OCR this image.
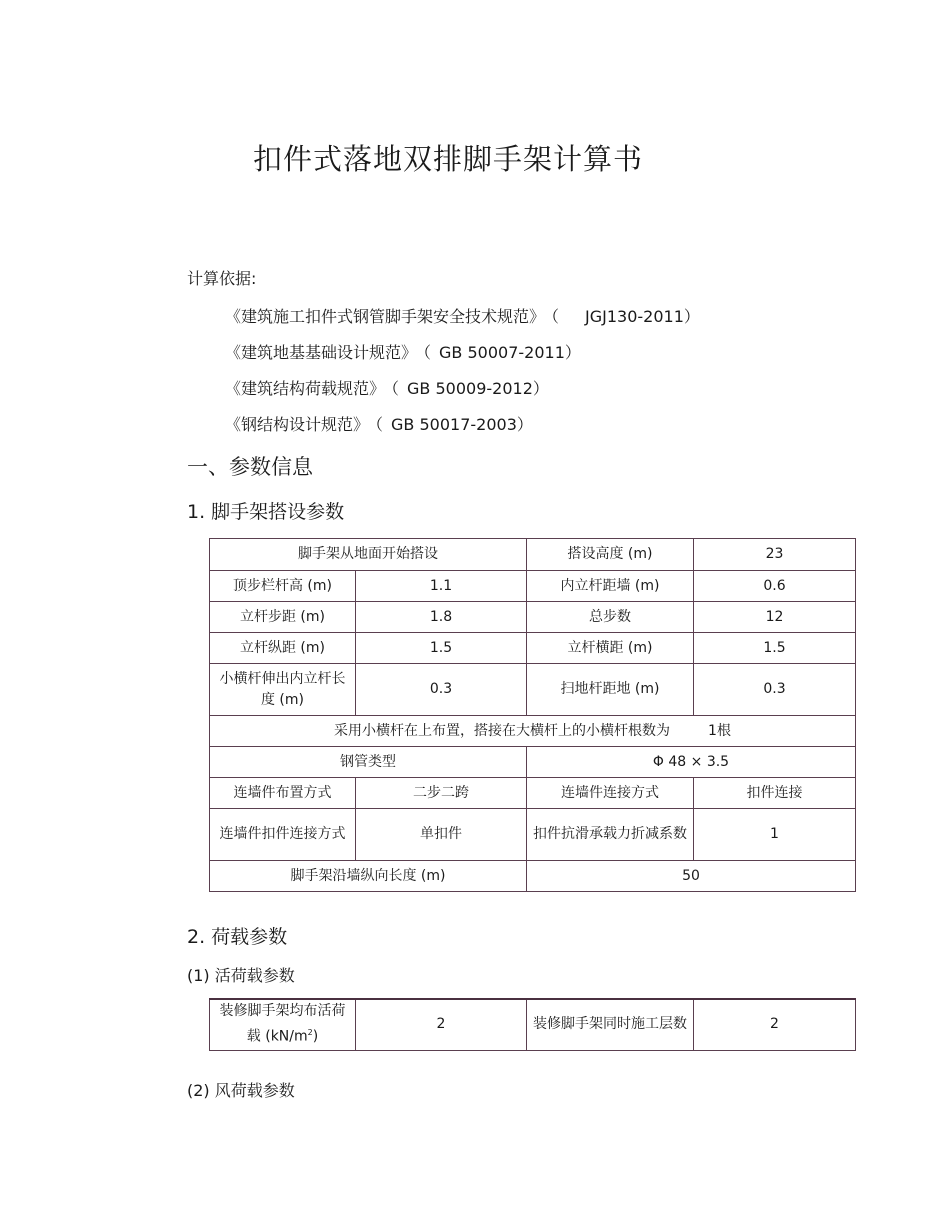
扣件式落地双排脚手架计算书
计算依据:
《建筑施工扣件式钢管脚手架安全技术规范》 （ JGJ130-2011）
《建筑地基基础设计规范》 （ GB 50007-2011）
《建筑结构荷载规范》 （ GB 50009-2012）
《钢结构设计规范》 （ GB 50017-2003）
一、参数信息
1. 脚手架搭设参数
脚手架从地面开始搭设		搭设高度 (m)	23
顶步栏杆高 (m)	1.1	内立杆距墙 (m)	0.6
立杆步距 (m)	1.8	总步数	12
立杆纵距 (m)	1.5	立杆横距 (m)	1.5
小横杆伸出内立杆长度 (m)	0.3	扫地杆距地 (m)	0.3
采用小横杆在上布置，搭接在大横杆上的小横杆根数为 1根			
钢管类型		Φ 48 × 3.5	
连墙件布置方式	二步二跨	连墙件连接方式	扣件连接
连墙件扣件连接方式	单扣件	扣件抗滑承载力折减系数	1
脚手架沿墙纵向长度 (m)		50	
2. 荷载参数
(1) 活荷载参数
装修脚手架均布活荷载 $(kN/m^2)$	2	装修脚手架同时施工层数	2
(2) 风荷载参数
